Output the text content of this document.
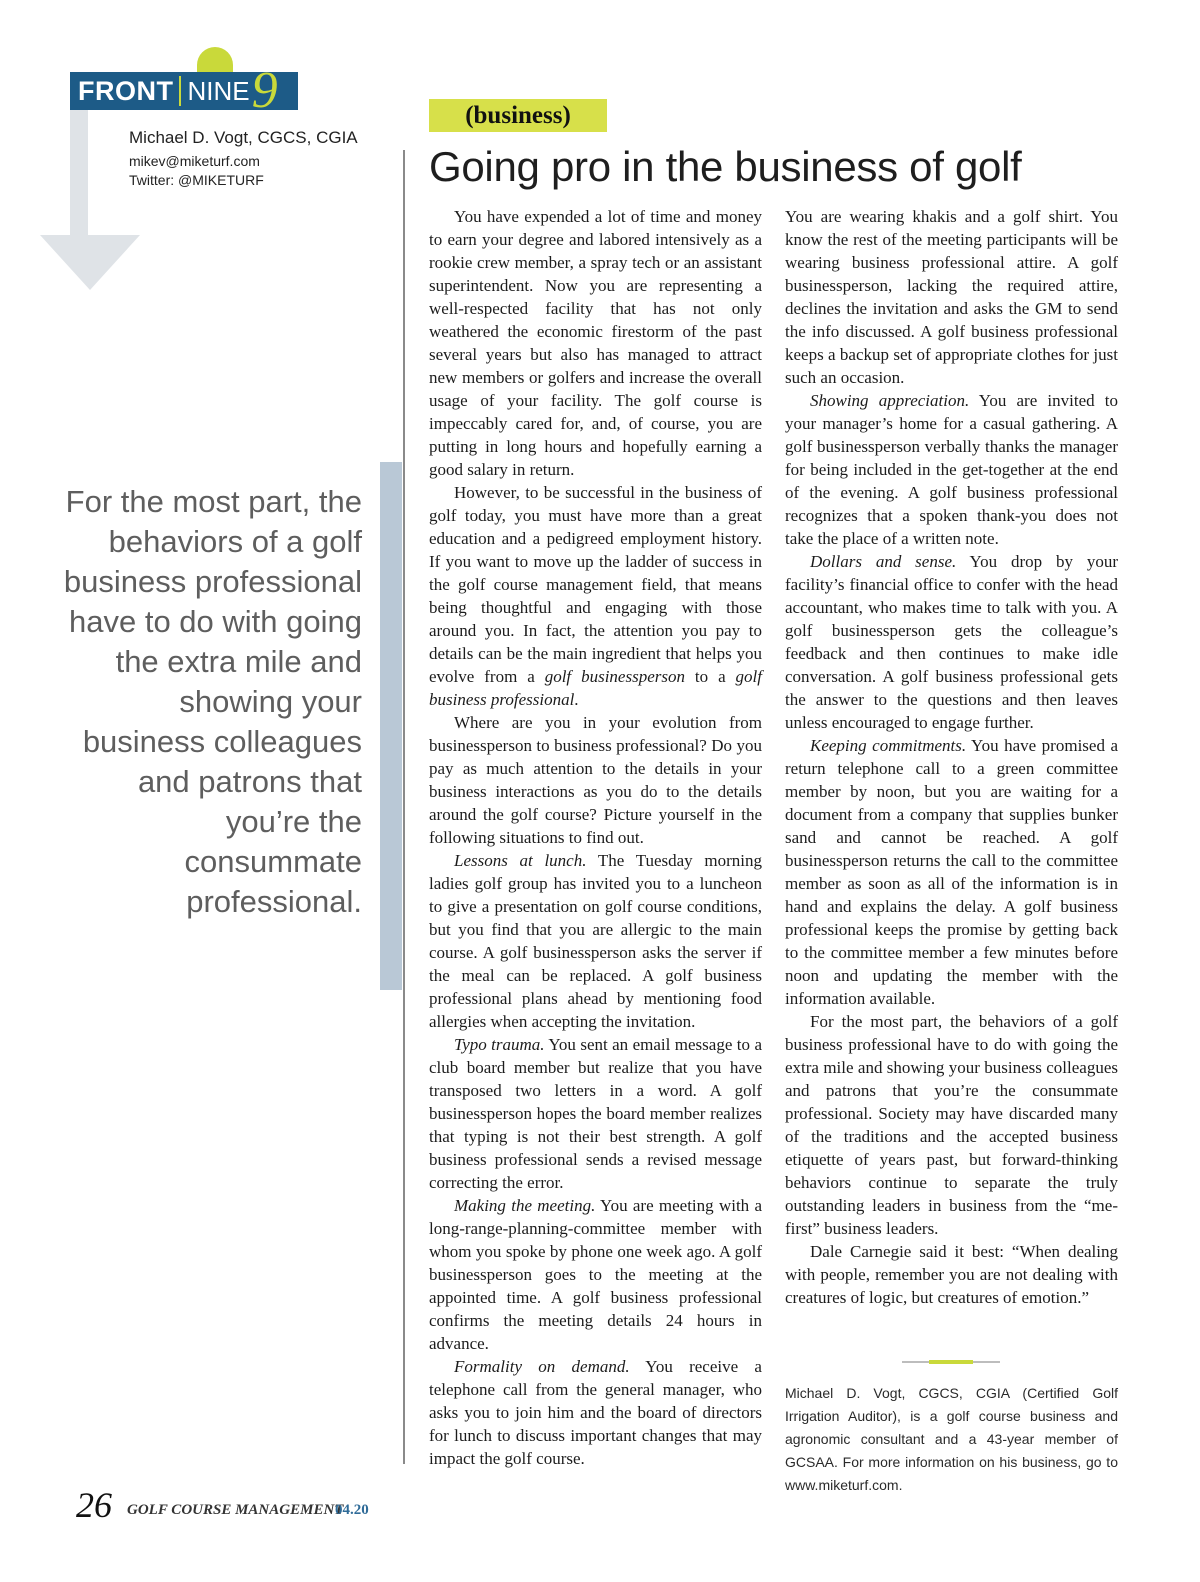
FRONT NINE 9
Michael D. Vogt, CGCS, CGIA
mikev@miketurf.com
Twitter: @MIKETURF
For the most part, the behaviors of a golf business professional have to do with going the extra mile and showing your business colleagues and patrons that you’re the consummate professional.
(business)
Going pro in the business of golf

You have expended a lot of time and money to earn your degree and labored intensively as a rookie crew member, a spray tech or an assistant superintendent. Now you are representing a well-respected facility that has not only weathered the economic firestorm of the past several years but also has managed to attract new members or golfers and increase the overall usage of your facility. The golf course is impeccably cared for, and, of course, you are putting in long hours and hopefully earning a good salary in return.

However, to be successful in the business of golf today, you must have more than a great education and a pedigreed employment history. If you want to move up the ladder of success in the golf course management field, that means being thoughtful and engaging with those around you. In fact, the attention you pay to details can be the main ingredient that helps you evolve from a golf businessperson to a golf business professional.

Where are you in your evolution from businessperson to business professional? Do you pay as much attention to the details in your business interactions as you do to the details around the golf course? Picture yourself in the following situations to find out.

Lessons at lunch. The Tuesday morning ladies golf group has invited you to a luncheon to give a presentation on golf course conditions, but you find that you are allergic to the main course. A golf businessperson asks the server if the meal can be replaced. A golf business professional plans ahead by mentioning food allergies when accepting the invitation.

Typo trauma. You sent an email message to a club board member but realize that you have transposed two letters in a word. A golf businessperson hopes the board member realizes that typing is not their best strength. A golf business professional sends a revised message correcting the error.

Making the meeting. You are meeting with a long-range-planning-committee member with whom you spoke by phone one week ago. A golf businessperson goes to the meeting at the appointed time. A golf business professional confirms the meeting details 24 hours in advance.

Formality on demand. You receive a telephone call from the general manager, who asks you to join him and the board of directors for lunch to discuss important changes that may impact the golf course.

You are wearing khakis and a golf shirt. You know the rest of the meeting participants will be wearing business professional attire. A golf businessperson, lacking the required attire, declines the invitation and asks the GM to send the info discussed. A golf business professional keeps a backup set of appropriate clothes for just such an occasion.

Showing appreciation. You are invited to your manager’s home for a casual gathering. A golf businessperson verbally thanks the manager for being included in the get-together at the end of the evening. A golf business professional recognizes that a spoken thank-you does not take the place of a written note.

Dollars and sense. You drop by your facility’s financial office to confer with the head accountant, who makes time to talk with you. A golf businessperson gets the colleague’s feedback and then continues to make idle conversation. A golf business professional gets the answer to the questions and then leaves unless encouraged to engage further.

Keeping commitments. You have promised a return telephone call to a green committee member by noon, but you are waiting for a document from a company that supplies bunker sand and cannot be reached. A golf businessperson returns the call to the committee member as soon as all of the information is in hand and explains the delay. A golf business professional keeps the promise by getting back to the committee member a few minutes before noon and updating the member with the information available.

For the most part, the behaviors of a golf business professional have to do with going the extra mile and showing your business colleagues and patrons that you’re the consummate professional. Society may have discarded many of the traditions and the accepted business etiquette of years past, but forward-thinking behaviors continue to separate the truly outstanding leaders in business from the “me-first” business leaders.

Dale Carnegie said it best: “When dealing with people, remember you are not dealing with creatures of logic, but creatures of emotion.”

Michael D. Vogt, CGCS, CGIA (Certified Golf Irrigation Auditor), is a golf course business and agronomic consultant and a 43-year member of GCSAA. For more information on his business, go to www.miketurf.com.
26 GOLF COURSE MANAGEMENT
04.20
